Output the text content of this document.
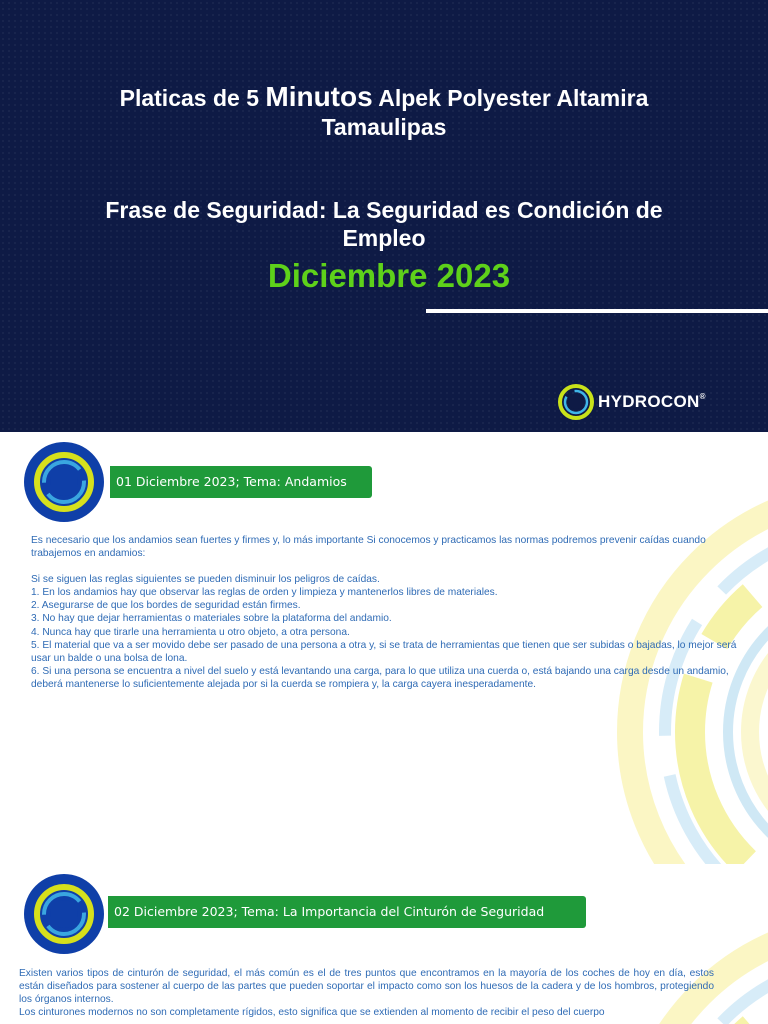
Platicas de 5 Minutos Alpek Polyester Altamira
Tamaulipas
Frase de Seguridad: La Seguridad es Condición de
Empleo
Diciembre 2023
HYDROCON®
01 Diciembre 2023; Tema: Andamios

Es necesario que los andamios sean fuertes y firmes y, lo más importante Si conocemos y practicamos las normas podremos prevenir caídas cuando trabajemos en andamios:

Si se siguen las reglas siguientes se pueden disminuir los peligros de caídas.

1. En los andamios hay que observar las reglas de orden y limpieza y mantenerlos libres de materiales.

2. Asegurarse de que los bordes de seguridad están firmes.

3. No hay que dejar herramientas o materiales sobre la plataforma del andamio.

4. Nunca hay que tirarle una herramienta u otro objeto, a otra persona.

5. El material que va a ser movido debe ser pasado de una persona a otra y, si se trata de herramientas que tienen que ser subidas o bajadas, lo mejor será usar un balde o una bolsa de lona.

6. Si una persona se encuentra a nivel del suelo y está levantando una carga, para lo que utiliza una cuerda o, está bajando una carga desde un andamio, deberá mantenerse lo suficientemente alejada por si la cuerda se rompiera y, la carga cayera inesperadamente.

02 Diciembre 2023; Tema: La Importancia del Cinturón de Seguridad

Existen varios tipos de cinturón de seguridad, el más común es el de tres puntos que encontramos en la mayoría de los coches de hoy en día, estos están diseñados para sostener al cuerpo de las partes que pueden soportar el impacto como son los huesos de la cadera y de los hombros, protegiendo los órganos internos.

Los cinturones modernos no son completamente rígidos, esto significa que se extienden al momento de recibir el peso del cuerpo
